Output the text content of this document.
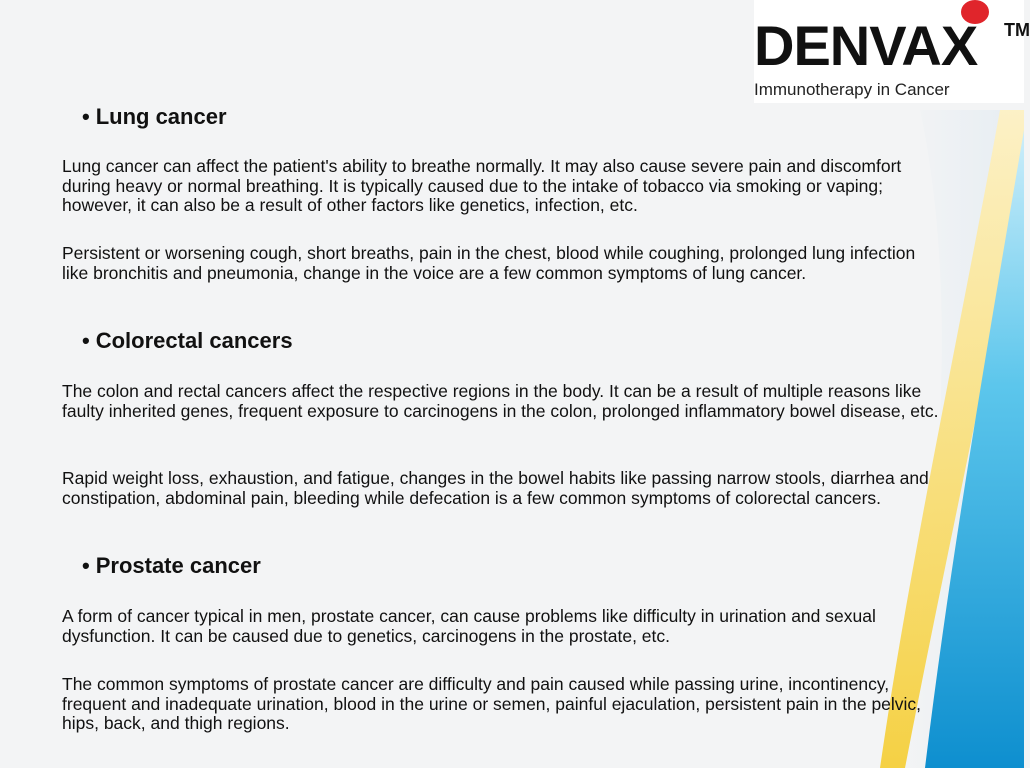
DENVAX TM
Immunotherapy in Cancer
• Lung cancer

Lung cancer can affect the patient's ability to breathe normally. It may also cause severe pain and discomfort during heavy or normal breathing. It is typically caused due to the intake of tobacco via smoking or vaping; however, it can also be a result of other factors like genetics, infection, etc.

Persistent or worsening cough, short breaths, pain in the chest, blood while coughing, prolonged lung infection like bronchitis and pneumonia, change in the voice are a few common symptoms of lung cancer.

• Colorectal cancers

The colon and rectal cancers affect the respective regions in the body. It can be a result of multiple reasons like faulty inherited genes, frequent exposure to carcinogens in the colon, prolonged inflammatory bowel disease, etc.

Rapid weight loss, exhaustion, and fatigue, changes in the bowel habits like passing narrow stools, diarrhea and constipation, abdominal pain, bleeding while defecation is a few common symptoms of colorectal cancers.

• Prostate cancer

A form of cancer typical in men, prostate cancer, can cause problems like difficulty in urination and sexual dysfunction. It can be caused due to genetics, carcinogens in the prostate, etc.

The common symptoms of prostate cancer are difficulty and pain caused while passing urine, incontinency, frequent and inadequate urination, blood in the urine or semen, painful ejaculation, persistent pain in the pelvic, hips, back, and thigh regions.
